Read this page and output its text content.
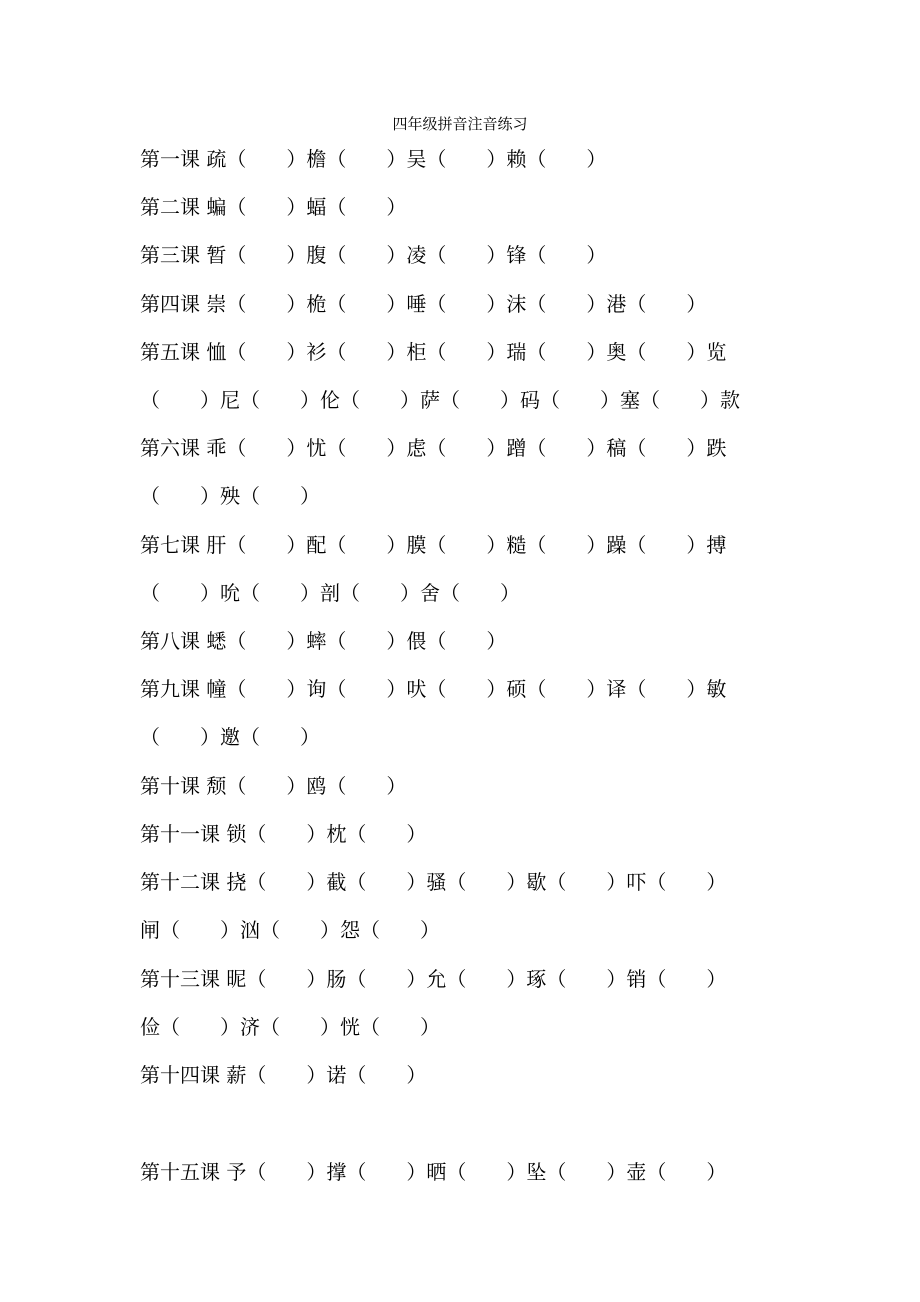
四年级拼音注音练习
第一课 疏（　　）檐（　　）吴（　　）赖（　　）
第二课 蝙（　　）蝠（　　）
第三课 暂（　　）腹（　　）凌（　　）锋（　　）
第四课 崇（　　）桅（　　）唾（　　）沫（　　）港（　　）
第五课 恤（　　）衫（　　）柜（　　）瑞（　　）奥（　　）览
（　　）尼（　　）伦（　　）萨（　　）码（　　）塞（　　）款
第六课 乖（　　）忧（　　）虑（　　）蹭（　　）稿（　　）跌
（　　）殃（　　）
第七课 肝（　　）配（　　）膜（　　）糙（　　）躁（　　）搏
（　　）吮（　　）剖（　　）舍（　　）
第八课 蟋（　　）蟀（　　）偎（　　）
第九课 幢（　　）询（　　）吠（　　）硕（　　）译（　　）敏
（　　）邀（　　）
第十课 颓（　　）鸥（　　）
第十一课 锁（　　）枕（　　）
第十二课 挠（　　）截（　　）骚（　　）歇（　　）吓（　　）
闸（　　）汹（　　）怨（　　）
第十三课 昵（　　）肠（　　）允（　　）琢（　　）销（　　）
俭（　　）济（　　）恍（　　）
第十四课 薪（　　）诺（　　）
第十五课 予（　　）撑（　　）晒（　　）坠（　　）壶（　　）
